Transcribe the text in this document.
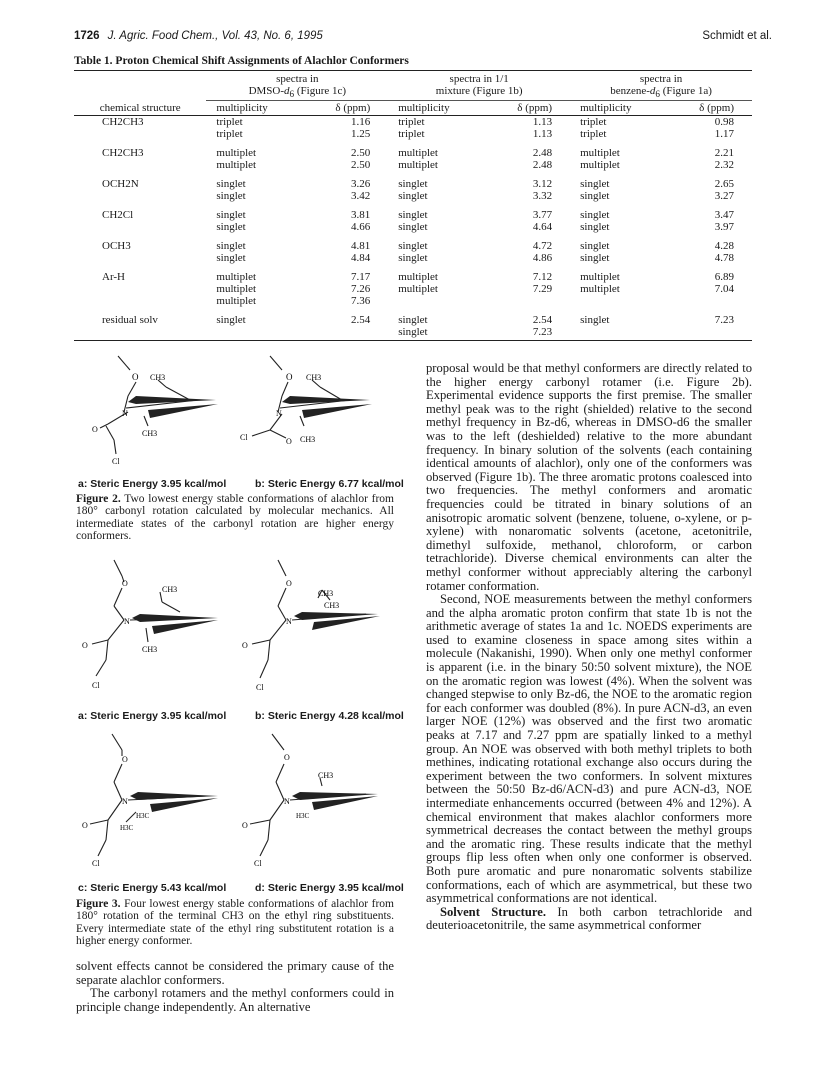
1726 J. Agric. Food Chem., Vol. 43, No. 6, 1995	Schmidt et al.
Table 1. Proton Chemical Shift Assignments of Alachlor Conformers

	spectra in		spectra in 1/1		spectra in	
	DMSO-$d_6$ (Figure 1c)		mixture (Figure 1b)		benzene-$d_6$ (Figure 1a)	
chemical structure	multiplicity	δ (ppm)	multiplicity	δ (ppm)	multiplicity	δ (ppm)
CH2CH3	triplet	1.16	triplet	1.13	triplet	0.98
	triplet	1.25	triplet	1.13	triplet	1.17

CH2CH3	multiplet	2.50	multiplet	2.48	multiplet	2.21
	multiplet	2.50	multiplet	2.48	multiplet	2.32

OCH2N	singlet	3.26	singlet	3.12	singlet	2.65
	singlet	3.42	singlet	3.32	singlet	3.27

CH2Cl	singlet	3.81	singlet	3.77	singlet	3.47
	singlet	4.66	singlet	4.64	singlet	3.97

OCH3	singlet	4.81	singlet	4.72	singlet	4.28
	singlet	4.84	singlet	4.86	singlet	4.78

Ar-H	multiplet	7.17	multiplet	7.12	multiplet	6.89
	multiplet	7.26	multiplet	7.29	multiplet	7.04
	multiplet	7.36				

residual solv	singlet	2.54	singlet	2.54	singlet	7.23
			singlet	7.23		

O CH3
N
O	CH3
Cl
O CH3
N
Cl	O CH3
a: Steric Energy 3.95 kcal/mol	b: Steric Energy 6.77 kcal/mol
Figure 2. Two lowest energy stable conformations of alachlor from 180° carbonyl rotation calculated by molecular mechanics. All intermediate states of the carbonyl rotation are higher energy conformers.
O
CH3
N
O	CH3
Cl
O
CH3
CH3
N
O
Cl
a: Steric Energy 3.95 kcal/mol	b: Steric Energy 4.28 kcal/mol
O
N
H3C
O	H3C
Cl
O
CH3
N
H3C
O
Cl
c: Steric Energy 5.43 kcal/mol	d: Steric Energy 3.95 kcal/mol
Figure 3. Four lowest energy stable conformations of alachlor from 180° rotation of the terminal CH3 on the ethyl ring substituents. Every intermediate state of the ethyl ring substitutent rotation is a higher energy conformer.

solvent effects cannot be considered the primary cause of the separate alachlor conformers.

The carbonyl rotamers and the methyl conformers could in principle change independently. An alternative

proposal would be that methyl conformers are directly related to the higher energy carbonyl rotamer (i.e. Figure 2b). Experimental evidence supports the first premise. The smaller methyl peak was to the right (shielded) relative to the second methyl frequency in Bz-d6, whereas in DMSO-d6 the smaller was to the left (deshielded) relative to the more abundant frequency. In binary solution of the solvents (each containing identical amounts of alachlor), only one of the conformers was observed (Figure 1b). The three aromatic protons coalesced into two frequencies. The methyl conformers and aromatic frequencies could be titrated in binary solutions of an anisotropic aromatic solvent (benzene, toluene, o-xylene, or p-xylene) with nonaromatic solvents (acetone, acetonitrile, dimethyl sulfoxide, methanol, chloroform, or carbon tetrachloride). Diverse chemical environments can alter the methyl conformer without appreciably altering the carbonyl rotamer conformation.

Second, NOE measurements between the methyl conformers and the alpha aromatic proton confirm that state 1b is not the arithmetic average of states 1a and 1c. NOEDS experiments are used to examine closeness in space among sites within a molecule (Nakanishi, 1990). When only one methyl conformer is apparent (i.e. in the binary 50:50 solvent mixture), the NOE on the aromatic region was lowest (4%). When the solvent was changed stepwise to only Bz-d6, the NOE to the aromatic region for each conformer was doubled (8%). In pure ACN-d3, an even larger NOE (12%) was observed and the first two aromatic peaks at 7.17 and 7.27 ppm are spatially linked to a methyl group. An NOE was observed with both methyl triplets to both methines, indicating rotational exchange also occurs during the experiment between the two conformers. In solvent mixtures between the 50:50 Bz-d6/ACN-d3) and pure ACN-d3, NOE intermediate enhancements occurred (between 4% and 12%). A chemical environment that makes alachlor conformers more symmetrical decreases the contact between the methyl groups and the aromatic ring. These results indicate that the methyl groups flip less often when only one conformer is observed. Both pure aromatic and pure nonaromatic solvents stabilize conformations, each of which are asymmetrical, but these two asymmetrical conformations are not identical.

Solvent Structure. In both carbon tetrachloride and deuterioacetonitrile, the same asymmetrical conformer
